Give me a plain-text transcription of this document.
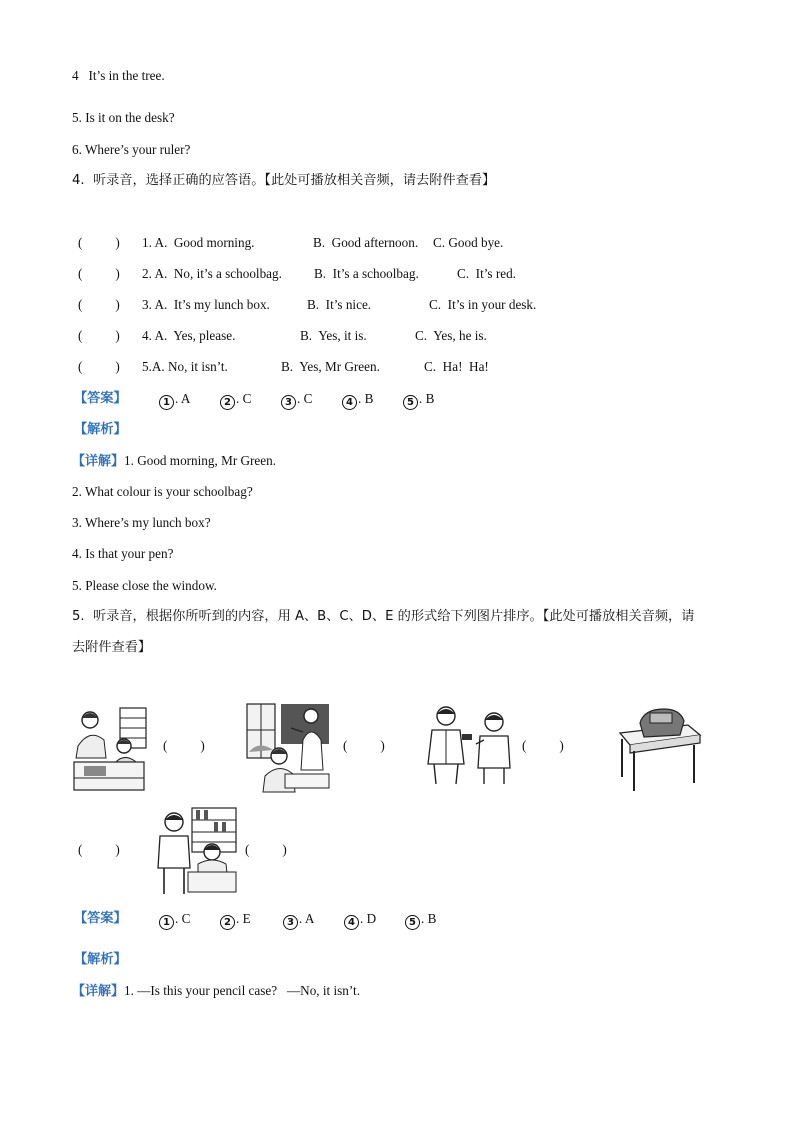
4   It’s in the tree.
5. Is it on the desk?
6. Where’s your ruler?
4.  听录音，选择正确的应答语。【此处可播放相关音频，请去附件查看】
(          ) 1. A.  Good morning.	B.  Good afternoon. C. Good bye.
(          ) 2. A.  No, it’s a schoolbag. B.  It’s a schoolbag.	C.  It’s red.
(          ) 3. A.  It’s my lunch box.	B.  It’s nice.	C.  It’s in your desk.
(          ) 4. A.  Yes, please.	B.  Yes, it is.	C.  Yes, he is.
(          ) 5.A. No, it isn’t.	B.  Yes, Mr Green.	C.  Ha!  Ha!
【答案】	1 . A	2 . C	3 . C	4 . B	5 . B
【解析】
【详解】1. Good morning, Mr Green.
2. What colour is your schoolbag?
3. Where’s my lunch box?
4. Is that your pen?
5. Please close the window.
5.  听录音，根据你所听到的内容，用 A、B、C、D、E 的形式给下列图片排序。【此处可播放相关音频，请
去附件查看】
(          )	(          )	(          )
(          )	(          )
【答案】	1 . C	2 . E	3 . A	4 . D	5 . B
【解析】
【详解】1. —Is this your pencil case?   —No, it isn’t.
